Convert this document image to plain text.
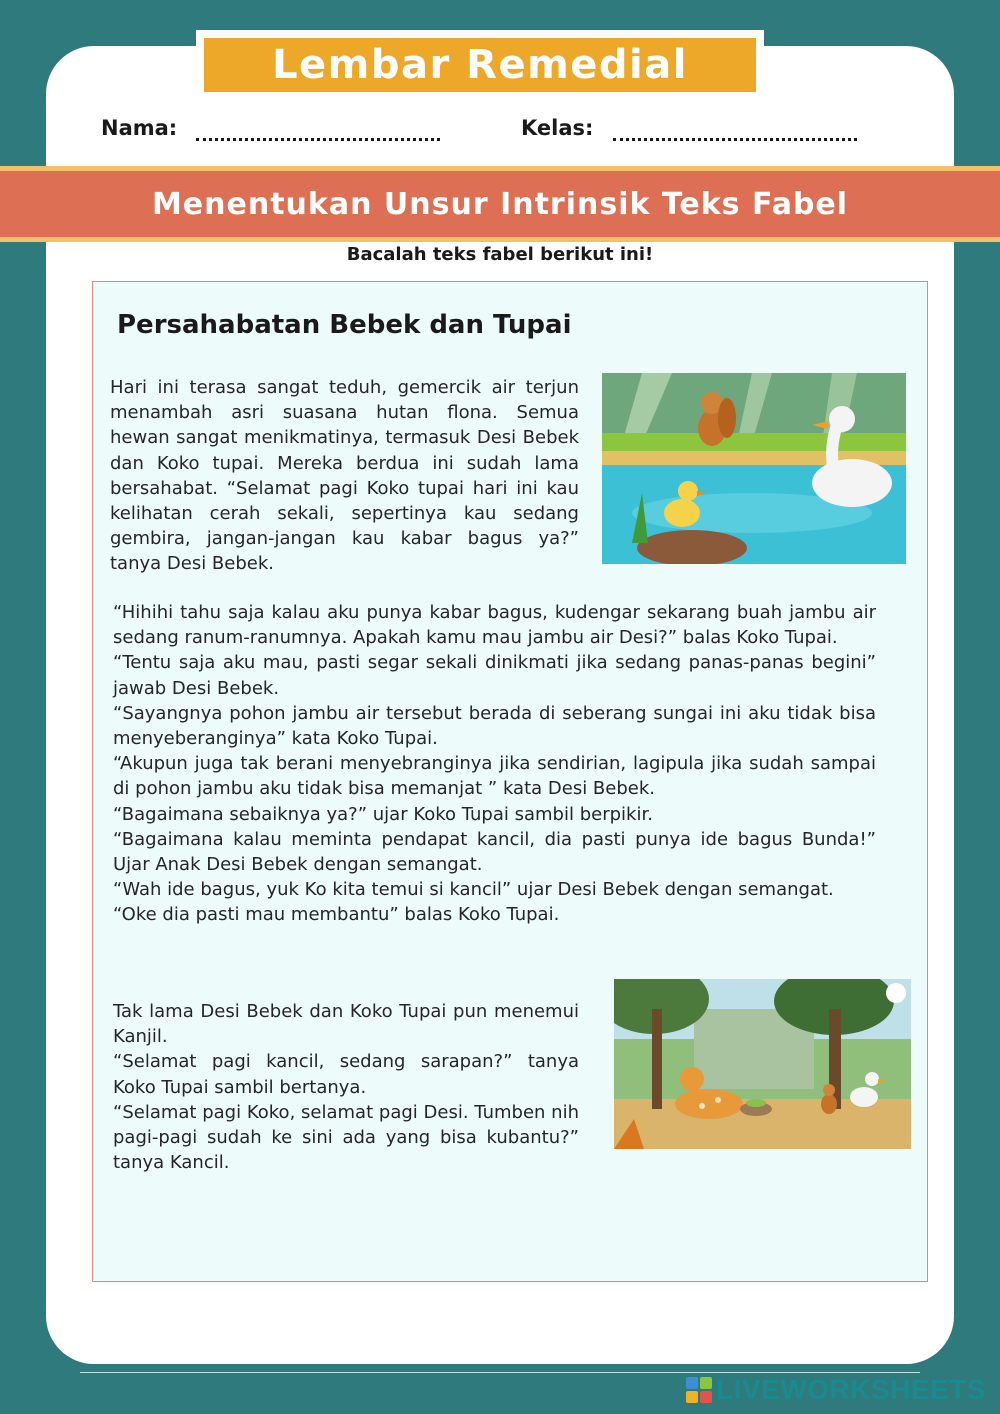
Lembar Remedial
Nama:	Kelas:
Menentukan Unsur Intrinsik Teks Fabel
Bacalah teks fabel berikut ini!
Persahabatan Bebek dan Tupai

Hari ini terasa sangat teduh, gemercik air terjun menambah asri suasana hutan flona. Semua hewan sangat menikmatinya, termasuk Desi Bebek dan Koko tupai. Mereka berdua ini sudah lama bersahabat. “Selamat pagi Koko tupai hari ini kau kelihatan cerah sekali, sepertinya kau sedang gembira, jangan-jangan kau kabar bagus ya?” tanya Desi Bebek.

“Hihihi tahu saja kalau aku punya kabar bagus, kudengar sekarang buah jambu air sedang ranum-ranumnya. Apakah kamu mau jambu air Desi?” balas Koko Tupai.

“Tentu saja aku mau, pasti segar sekali dinikmati jika sedang panas-panas begini” jawab Desi Bebek.

“Sayangnya pohon jambu air tersebut berada di seberang sungai ini aku tidak bisa menyeberanginya” kata Koko Tupai.

“Akupun juga tak berani menyebranginya jika sendirian, lagipula jika sudah sampai di pohon jambu aku tidak bisa memanjat ” kata Desi Bebek.

“Bagaimana sebaiknya ya?” ujar Koko Tupai sambil berpikir.

“Bagaimana kalau meminta pendapat kancil, dia pasti punya ide bagus Bunda!” Ujar Anak Desi Bebek dengan semangat.

“Wah ide bagus, yuk Ko kita temui si kancil” ujar Desi Bebek dengan semangat.

“Oke dia pasti mau membantu” balas Koko Tupai.

Tak lama Desi Bebek dan Koko Tupai pun menemui Kanjil.

“Selamat pagi kancil, sedang sarapan?” tanya Koko Tupai sambil bertanya.

“Selamat pagi Koko, selamat pagi Desi. Tumben nih pagi-pagi sudah ke sini ada yang bisa kubantu?” tanya Kancil.

LIVEWORKSHEETS
